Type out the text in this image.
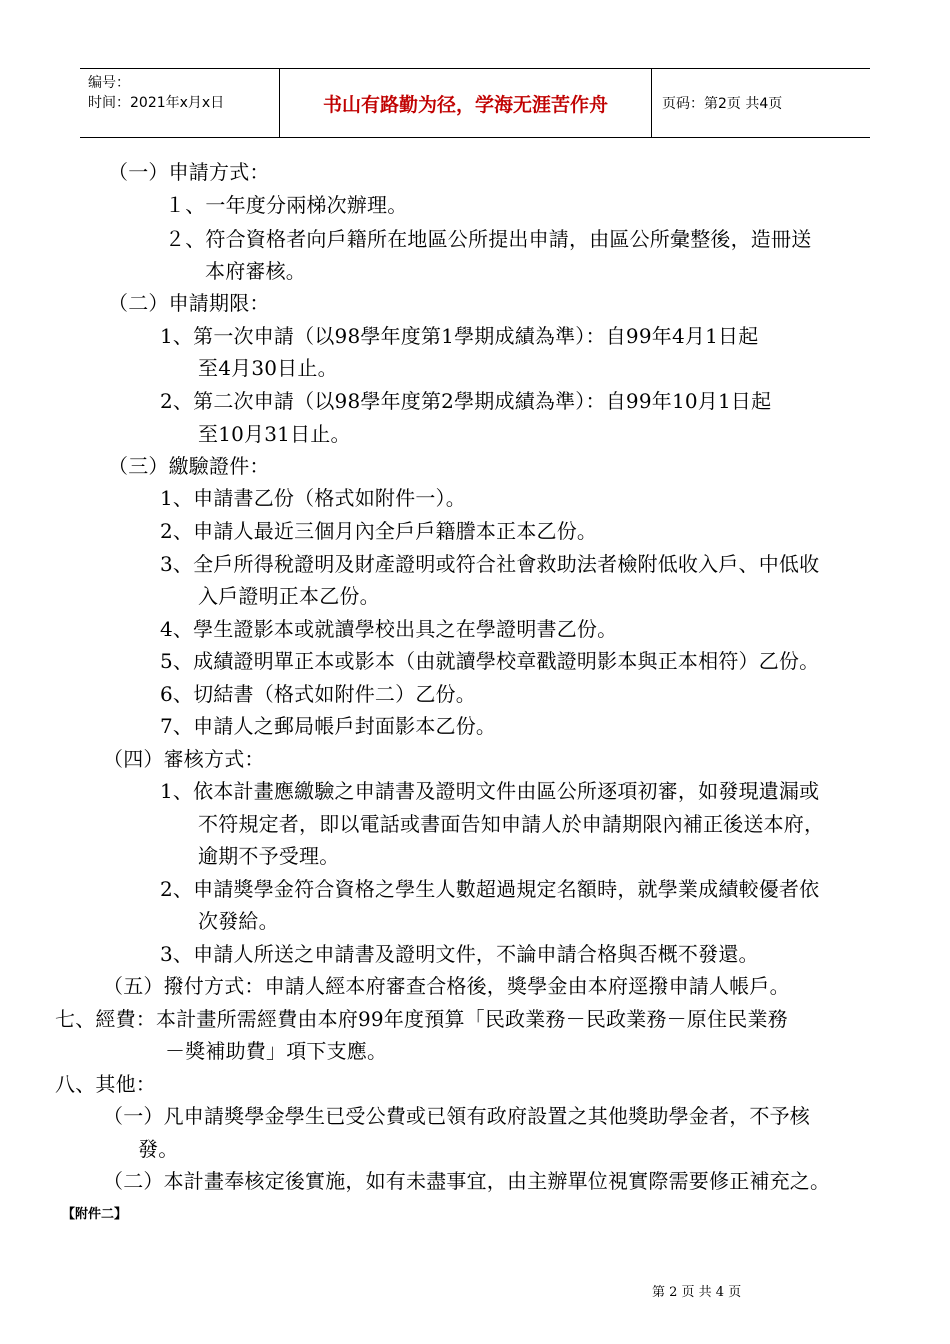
编号：
时间：2021年x月x日	书山有路勤为径，学海无涯苦作舟	页码：第2页 共4页
（一）申請方式：
１、一年度分兩梯次辦理。
２、符合資格者向戶籍所在地區公所提出申請，由區公所彙整後，造冊送
本府審核。
（二）申請期限：
1、第一次申請（以98學年度第1學期成績為準）：自99年4月1日起
至4月30日止。
2、第二次申請（以98學年度第2學期成績為準）：自99年10月1日起
至10月31日止。
（三）繳驗證件：
1、申請書乙份（格式如附件一）。
2、申請人最近三個月內全戶戶籍謄本正本乙份。
3、全戶所得稅證明及財產證明或符合社會救助法者檢附低收入戶、中低收
入戶證明正本乙份。
4、學生證影本或就讀學校出具之在學證明書乙份。
5、成績證明單正本或影本（由就讀學校章戳證明影本與正本相符）乙份。
6、切結書（格式如附件二）乙份。
7、申請人之郵局帳戶封面影本乙份。
（四）審核方式：
1、依本計畫應繳驗之申請書及證明文件由區公所逐項初審，如發現遺漏或
不符規定者，即以電話或書面告知申請人於申請期限內補正後送本府，
逾期不予受理。
2、申請獎學金符合資格之學生人數超過規定名額時，就學業成績較優者依
次發給。
3、申請人所送之申請書及證明文件，不論申請合格與否概不發還。
（五）撥付方式：申請人經本府審查合格後，獎學金由本府逕撥申請人帳戶。
七、經費：本計畫所需經費由本府99年度預算「民政業務－民政業務－原住民業務
－獎補助費」項下支應。
八、其他：
（一）凡申請獎學金學生已受公費或已領有政府設置之其他獎助學金者，不予核
發。
（二）本計畫奉核定後實施，如有未盡事宜，由主辦單位視實際需要修正補充之。
【附件二】
第 2 页 共 4 页
